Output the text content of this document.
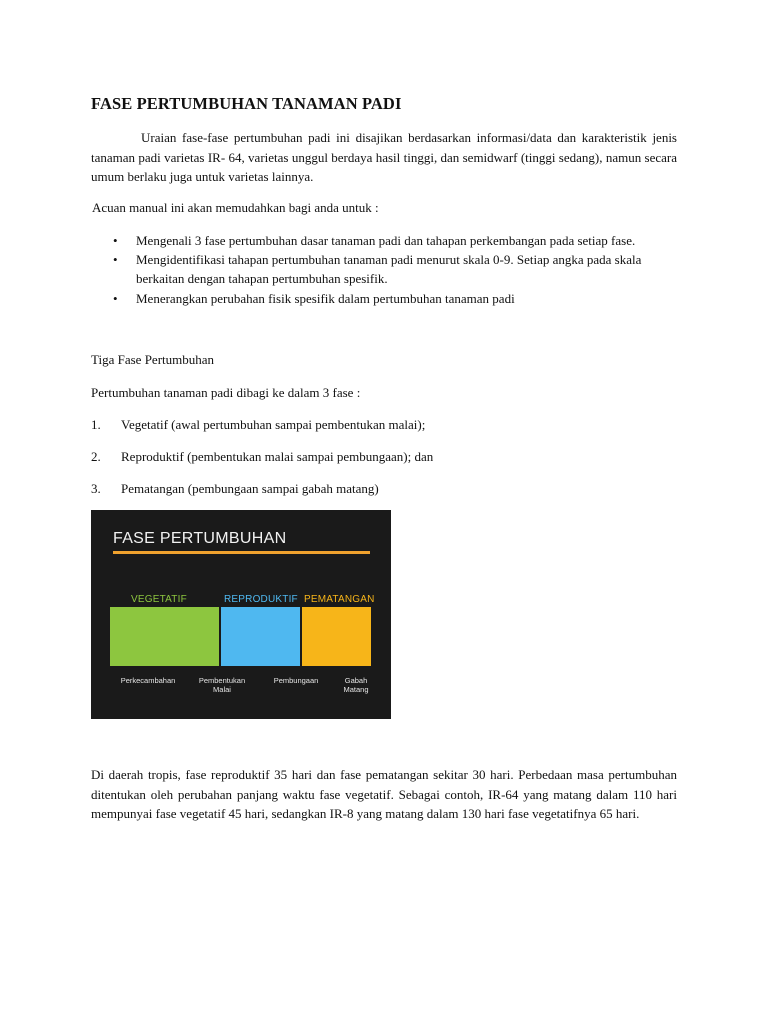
FASE PERTUMBUHAN TANAMAN PADI

Uraian fase-fase pertumbuhan padi ini disajikan berdasarkan informasi/data dan karakteristik jenis tanaman padi varietas IR- 64, varietas unggul berdaya hasil tinggi, dan semidwarf (tinggi sedang), namun secara umum berlaku juga untuk varietas lainnya.

Acuan manual ini akan memudahkan bagi anda untuk :

• Mengenali 3 fase pertumbuhan dasar tanaman padi dan tahapan perkembangan pada setiap fase.
• Mengidentifikasi tahapan pertumbuhan tanaman padi menurut skala 0-9. Setiap angka pada skala berkaitan dengan tahapan pertumbuhan spesifik.
• Menerangkan perubahan fisik spesifik dalam pertumbuhan tanaman padi

Tiga Fase Pertumbuhan

Pertumbuhan tanaman padi dibagi ke dalam 3 fase :

1. Vegetatif (awal pertumbuhan sampai pembentukan malai);
2. Reproduktif (pembentukan malai sampai pembungaan); dan
3. Pematangan (pembungaan sampai gabah matang)
FASE PERTUMBUHAN
VEGETATIF	REPRODUKTIF PEMATANGAN
Perkecambahan	Pembentukan
Malai
Pembungaan	Gabah
Matang

Di daerah tropis, fase reproduktif 35 hari dan fase pematangan sekitar 30 hari. Perbedaan masa pertumbuhan ditentukan oleh perubahan panjang waktu fase vegetatif. Sebagai contoh, IR-64 yang matang dalam 110 hari mempunyai fase vegetatif 45 hari, sedangkan IR-8 yang matang dalam 130 hari fase vegetatifnya 65 hari.
